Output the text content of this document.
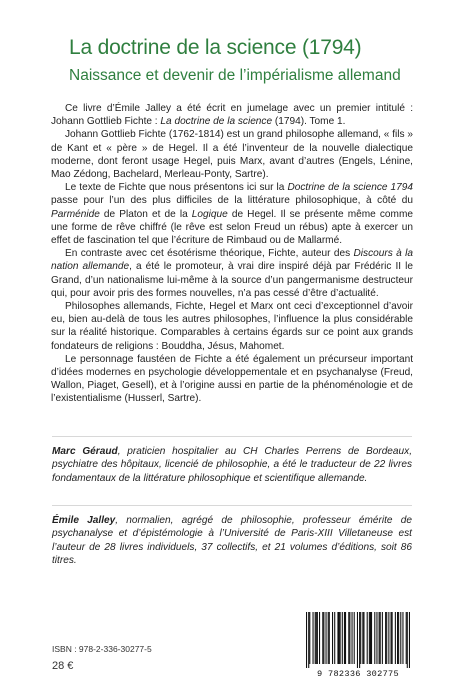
La doctrine de la science (1794)
Naissance et devenir de l’impérialisme allemand

Ce livre d’Émile Jalley a été écrit en jumelage avec un premier intitulé : Johann Gottlieb Fichte : La doctrine de la science (1794). Tome 1.

Johann Gottlieb Fichte (1762-1814) est un grand philosophe allemand, « fils » de Kant et « père » de Hegel. Il a été l’inventeur de la nouvelle dialectique moderne, dont feront usage Hegel, puis Marx, avant d’autres (Engels, Lénine, Mao Zédong, Bachelard, Merleau-Ponty, Sartre).

Le texte de Fichte que nous présentons ici sur la Doctrine de la science 1794 passe pour l’un des plus difficiles de la littérature philosophique, à côté du Parménide de Platon et de la Logique de Hegel. Il se présente même comme une forme de rêve chiffré (le rêve est selon Freud un rébus) apte à exercer un effet de fascination tel que l’écriture de Rimbaud ou de Mallarmé.

En contraste avec cet ésotérisme théorique, Fichte, auteur des Discours à la nation allemande, a été le promoteur, à vrai dire inspiré déjà par Frédéric II le Grand, d’un nationalisme lui-même à la source d’un pangermanisme destructeur qui, pour avoir pris des formes nouvelles, n’a pas cessé d’être d’actualité.

Philosophes allemands, Fichte, Hegel et Marx ont ceci d’exceptionnel d’avoir eu, bien au-delà de tous les autres philosophes, l’influence la plus considérable sur la réalité historique. Comparables à certains égards sur ce point aux grands fondateurs de religions : Bouddha, Jésus, Mahomet.

Le personnage faustéen de Fichte a été également un précurseur important d’idées modernes en psychologie développementale et en psychanalyse (Freud, Wallon, Piaget, Gesell), et à l’origine aussi en partie de la phénoménologie et de l’existentialisme (Husserl, Sartre).

Marc Géraud, praticien hospitalier au CH Charles Perrens de Bordeaux, psychiatre des hôpitaux, licencié de philosophie, a été le traducteur de 22 livres fondamentaux de la littérature philosophique et scientifique allemande.
Émile Jalley, normalien, agrégé de philosophie, professeur émérite de psychanalyse et d’épistémologie à l’Université de Paris-XIII Villetaneuse est l’auteur de 28 livres individuels, 37 collectifs, et 21 volumes d’éditions, soit 86 titres.
ISBN : 978-2-336-30277-5
28 €
9 782336 302775
